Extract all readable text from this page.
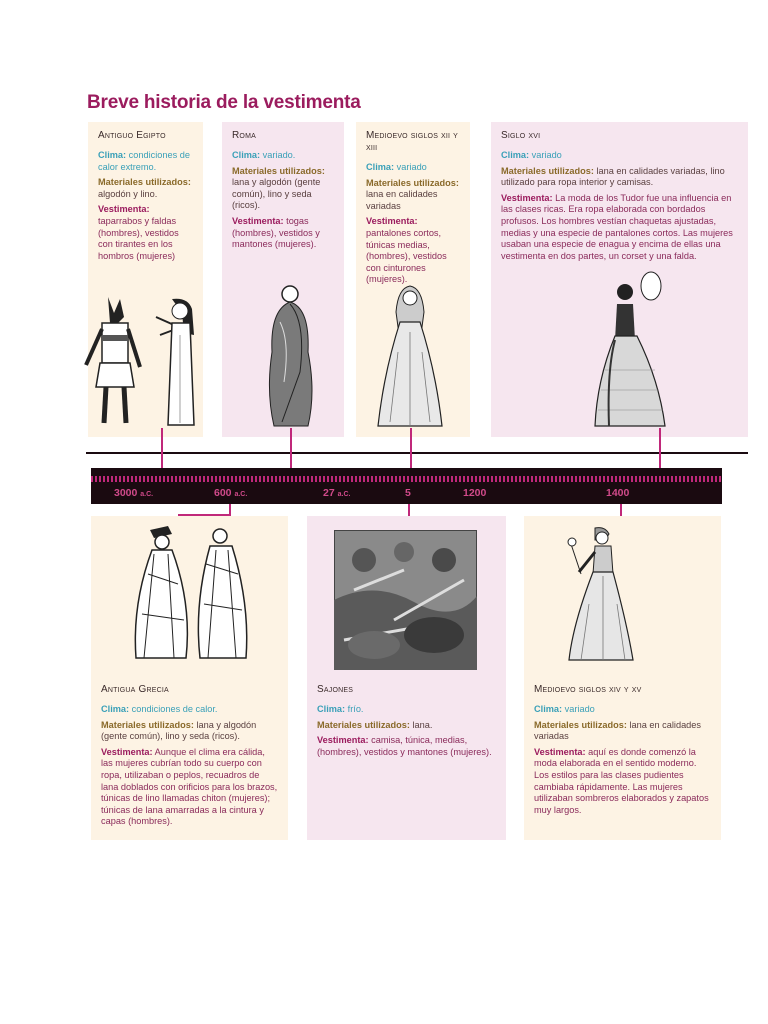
Breve historia de la vestimenta
Antiguo Egipto

Clima: condiciones de calor extremo.

Materiales utilizados: algodón y lino.

Vestimenta:
taparrabos y faldas (hombres), vestidos con tirantes en los hombros (mujeres)

Roma

Clima: variado.

Materiales utilizados: lana y algodón (gente común), lino y seda (ricos).

Vestimenta: togas (hombres), vestidos y mantones (mujeres).

Medioevo siglos xii y xiii

Clima: variado

Materiales utilizados: lana en calidades variadas

Vestimenta: pantalones cortos, túnicas medias, (hombres), vestidos con cinturones (mujeres).

Siglo xvi

Clima: variado

Materiales utilizados: lana en calidades variadas, lino utilizado para ropa interior y camisas.

Vestimenta: La moda de los Tudor fue una influencia en las clases ricas. Era ropa elaborada con bordados profusos. Los hombres vestían chaquetas ajustadas, medias y una especie de pantalones cortos. Las mujeres usaban una especie de enagua y encima de ellas una vestimenta en dos partes, un corset y una falda.

3000 a.C.	600 a.C.	27 a.C.	5	1200	1400
Antigua Grecia

Clima: condiciones de calor.

Materiales utilizados: lana y algodón (gente común), lino y seda (ricos).

Vestimenta: Aunque el clima era cálida, las mujeres cubrían todo su cuerpo con ropa, utilizaban o peplos, recuadros de lana doblados con orificios para los brazos, túnicas de lino llamadas chiton (mujeres); túnicas de lana amarradas a la cintura y capas (hombres).

Sajones

Clima: frío.

Materiales utilizados: lana.

Vestimenta: camisa, túnica, medias, (hombres), vestidos y mantones (mujeres).

Medioevo siglos xiv y xv

Clima: variado

Materiales utilizados: lana en calidades variadas

Vestimenta: aquí es donde comenzó la moda elaborada en el sentido moderno. Los estilos para las clases pudientes cambiaba rápidamente. Las mujeres utilizaban sombreros elaborados y zapatos muy largos.
